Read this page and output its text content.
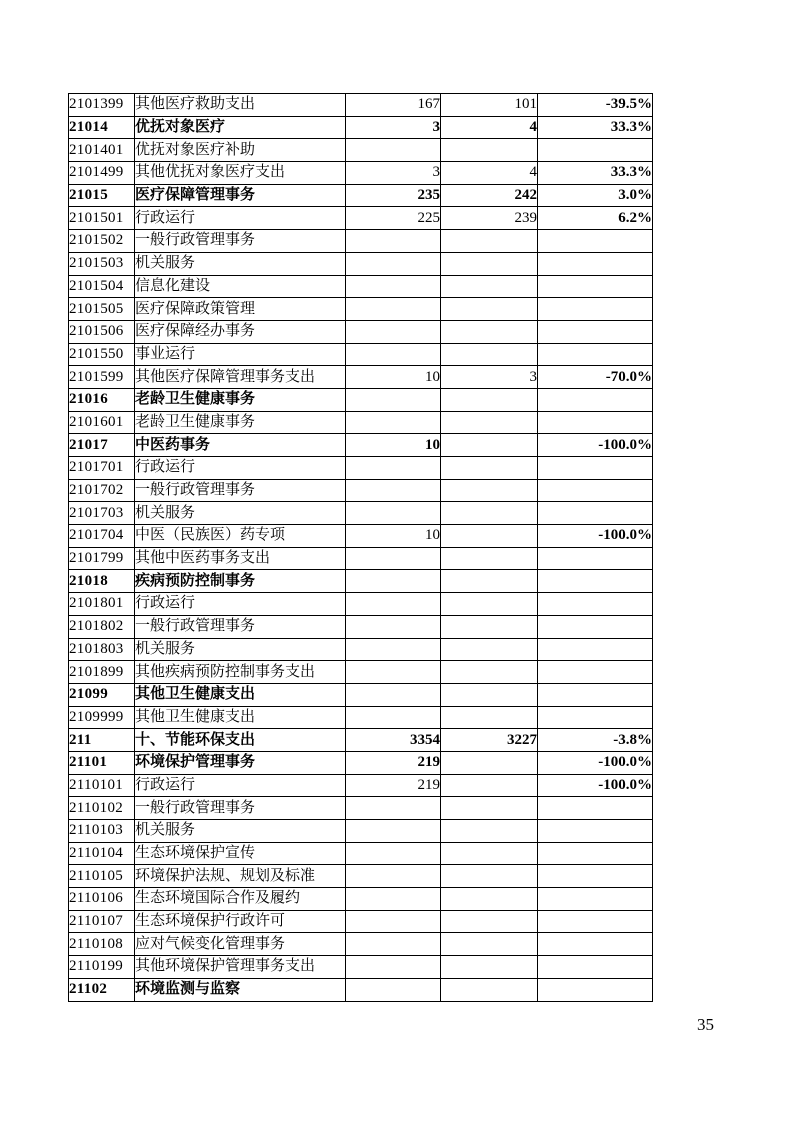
2101399	其他医疗救助支出	167	101	-39.5%
21014	优抚对象医疗	3	4	33.3%
2101401	优抚对象医疗补助			
2101499	其他优抚对象医疗支出	3	4	33.3%
21015	医疗保障管理事务	235	242	3.0%
2101501	行政运行	225	239	6.2%
2101502	一般行政管理事务			
2101503	机关服务			
2101504	信息化建设			
2101505	医疗保障政策管理			
2101506	医疗保障经办事务			
2101550	事业运行			
2101599	其他医疗保障管理事务支出	10	3	-70.0%
21016	老龄卫生健康事务			
2101601	老龄卫生健康事务			
21017	中医药事务	10		-100.0%
2101701	行政运行			
2101702	一般行政管理事务			
2101703	机关服务			
2101704	中医（民族医）药专项	10		-100.0%
2101799	其他中医药事务支出			
21018	疾病预防控制事务			
2101801	行政运行			
2101802	一般行政管理事务			
2101803	机关服务			
2101899	其他疾病预防控制事务支出			
21099	其他卫生健康支出			
2109999	其他卫生健康支出			
211	十、节能环保支出	3354	3227	-3.8%
21101	环境保护管理事务	219		-100.0%
2110101	行政运行	219		-100.0%
2110102	一般行政管理事务			
2110103	机关服务			
2110104	生态环境保护宣传			
2110105	环境保护法规、规划及标准			
2110106	生态环境国际合作及履约			
2110107	生态环境保护行政许可			
2110108	应对气候变化管理事务			
2110199	其他环境保护管理事务支出			
21102	环境监测与监察			
35
